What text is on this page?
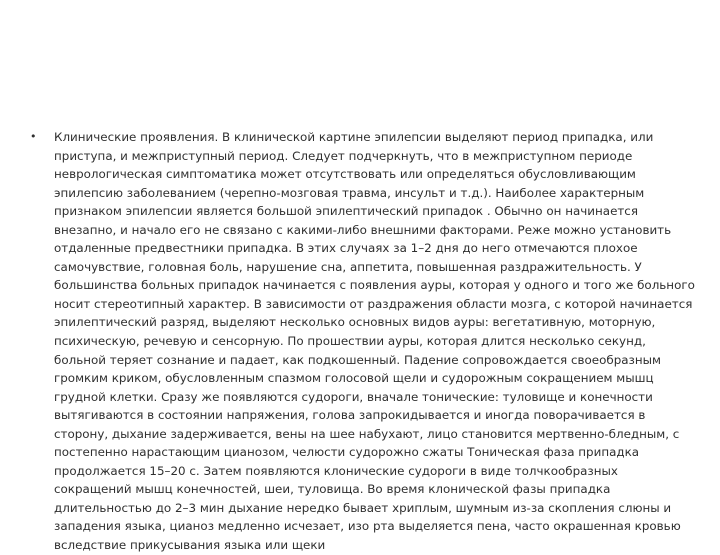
• Клинические проявления. В клинической картине эпилепсии выделяют период припадка, или приступа, и межприступный период. Следует подчеркнуть, что в межприступном периоде неврологическая симптоматика может отсутствовать или определяться обусловливающим эпилепсию заболеванием (черепно-мозговая травма, инсульт и т.д.). Наиболее характерным признаком эпилепсии является большой эпилептический припадок . Обычно он начинается внезапно, и начало его не связано с какими-либо внешними факторами. Реже можно установить отдаленные предвестники припадка. В этих случаях за 1–2 дня до него отмечаются плохое самочувствие, головная боль, нарушение сна, аппетита, повышенная раздражительность. У большинства больных припадок начинается с появления ауры, которая у одного и того же больного носит стереотипный характер. В зависимости от раздражения области мозга, с которой начинается эпилептический разряд, выделяют несколько основных видов ауры: вегетативную, моторную, психическую, речевую и сенсорную. По прошествии ауры, которая длится несколько секунд, больной теряет сознание и падает, как подкошенный. Падение сопровождается своеобразным громким криком, обусловленным спазмом голосовой щели и судорожным сокращением мышц грудной клетки. Сразу же появляются судороги, вначале тонические: туловище и конечности вытягиваются в состоянии напряжения, голова запрокидывается и иногда поворачивается в сторону, дыхание задерживается, вены на шее набухают, лицо становится мертвенно-бледным, с постепенно нарастающим цианозом, челюсти судорожно сжаты Тоническая фаза припадка продолжается 15–20 с. Затем появляются клонические судороги в виде толчкообразных сокращений мышц конечностей, шеи, туловища. Во время клонической фазы припадка длительностью до 2–3 мин дыхание нередко бывает хриплым, шумным из-за скопления слюны и западения языка, цианоз медленно исчезает, изо рта выделяется пена, часто окрашенная кровью вследствие прикусывания языка или щеки
